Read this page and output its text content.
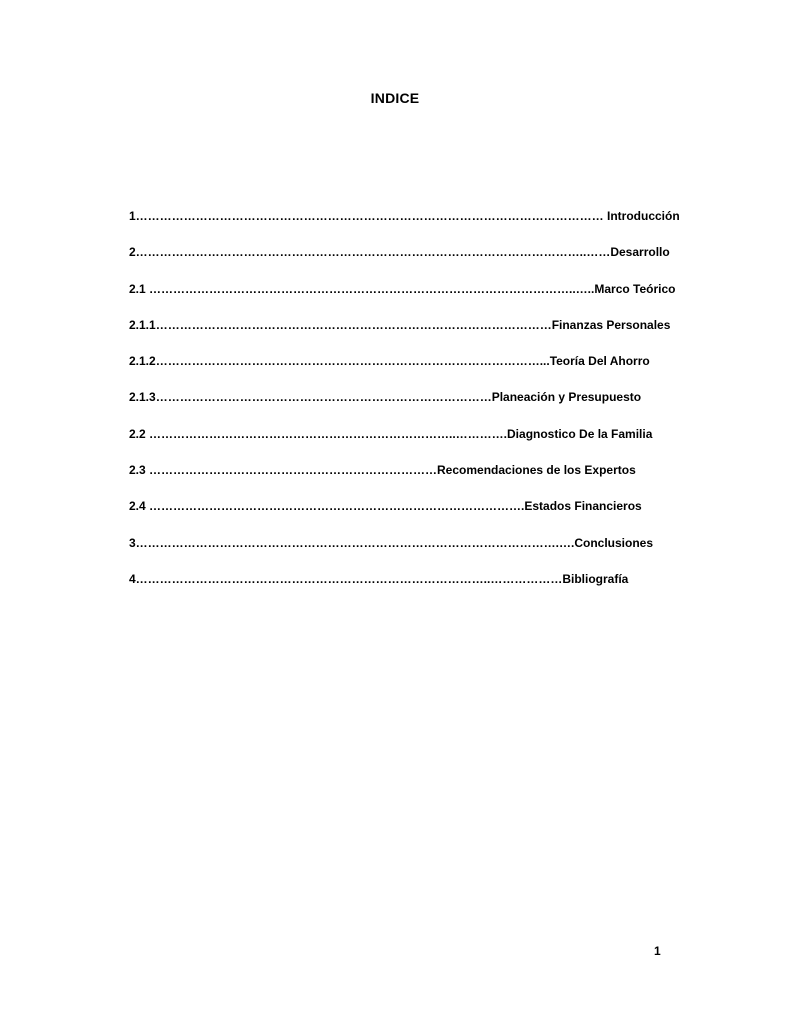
INDICE
1……………………………………………………………………………………………………… Introducción
2…………………………………………………………………………………………………..……Desarrollo
2.1 ……………………………………………………………………………………………..…..Marco Teórico
2.1.1………………………………………………………………………………………Finanzas Personales
2.1.2……………………………………………………………………………………...Teoría Del Ahorro
2.1.3…………………………………………………………………………Planeación y Presupuesto
2.2 …………………………………………………………………..………….Diagnostico De la Familia
2.3 ………………………………………………………………Recomendaciones de los Expertos
2.4 ………………………………………………………………………………….Estados Financieros
3…………………………………………………………………………………………….….Conclusiones
4……………………………………………………………………………..………………Bibliografía
1
